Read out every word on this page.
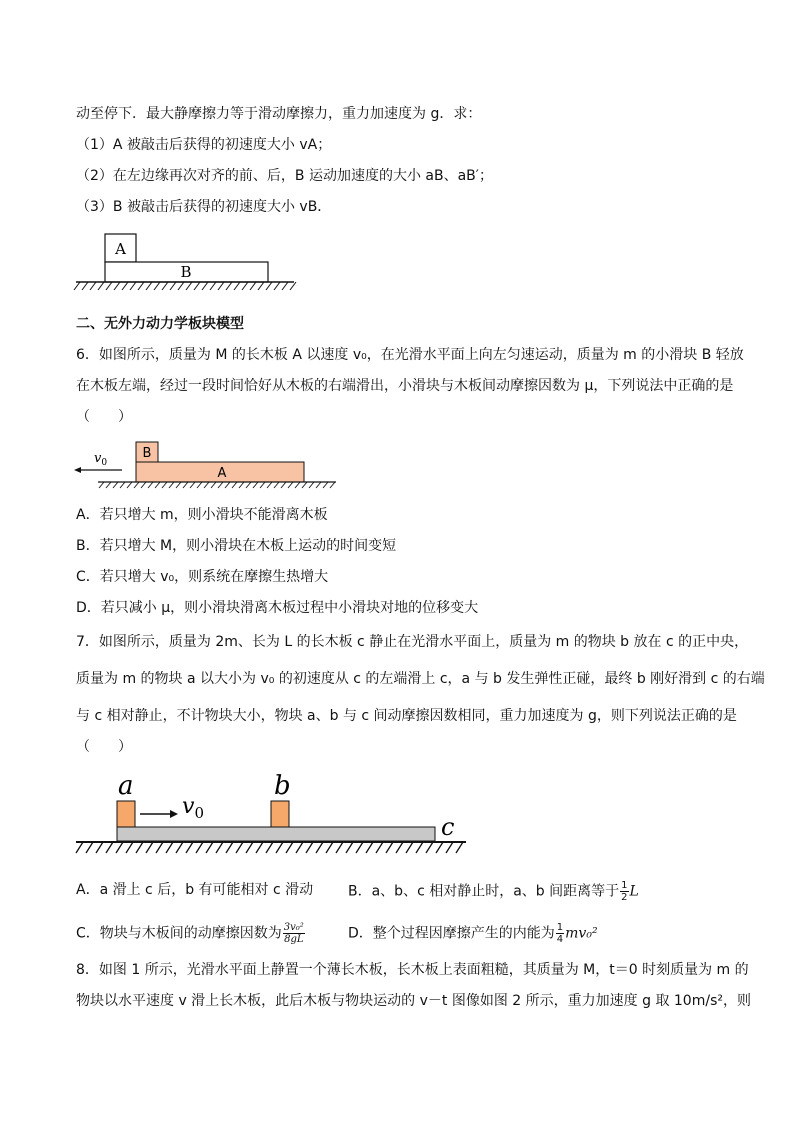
动至停下．最大静摩擦力等于滑动摩擦力，重力加速度为 g．求：
（1）A 被敲击后获得的初速度大小 vA；
（2）在左边缘再次对齐的前、后，B 运动加速度的大小 aB、aB′；
（3）B 被敲击后获得的初速度大小 vB．
A
B
二、无外力动力学板块模型
6．如图所示，质量为 M 的长木板 A 以速度 v₀，在光滑水平面上向左匀速运动，质量为 m 的小滑块 B 轻放
在木板左端，经过一段时间恰好从木板的右端滑出，小滑块与木板间动摩擦因数为 μ，下列说法中正确的是
（　　）
$v_0$
B
A
A．若只增大 m，则小滑块不能滑离木板
B．若只增大 M，则小滑块在木板上运动的时间变短
C．若只增大 v₀，则系统在摩擦生热增大
D．若只减小 μ，则小滑块滑离木板过程中小滑块对地的位移变大
7．如图所示，质量为 2m、长为 L 的长木板 c 静止在光滑水平面上，质量为 m 的物块 b 放在 c 的正中央，
质量为 m 的物块 a 以大小为 v₀ 的初速度从 c 的左端滑上 c，a 与 b 发生弹性正碰，最终 b 刚好滑到 c 的右端
与 c 相对静止，不计物块大小，物块 a、b 与 c 间动摩擦因数相同，重力加速度为 g，则下列说法正确的是
（　　）
a	b
c
$v_0$
A．a 滑上 c 后，b 有可能相对 c 滑动 B．a、b、c 相对静止时，a、b 间距离等于 $\frac{1}{2}$ L
C．物块与木板间的动摩擦因数为 $\frac{\text{3v₀²}}{8gL}$	D．整个过程因摩擦产生的内能为 $\frac{1}{4} mv_0^2$
8．如图 1 所示，光滑水平面上静置一个薄长木板，长木板上表面粗糙，其质量为 M，t＝0 时刻质量为 m 的
物块以水平速度 v 滑上长木板，此后木板与物块运动的 v－t 图像如图 2 所示，重力加速度 g 取 10m/s²，则
